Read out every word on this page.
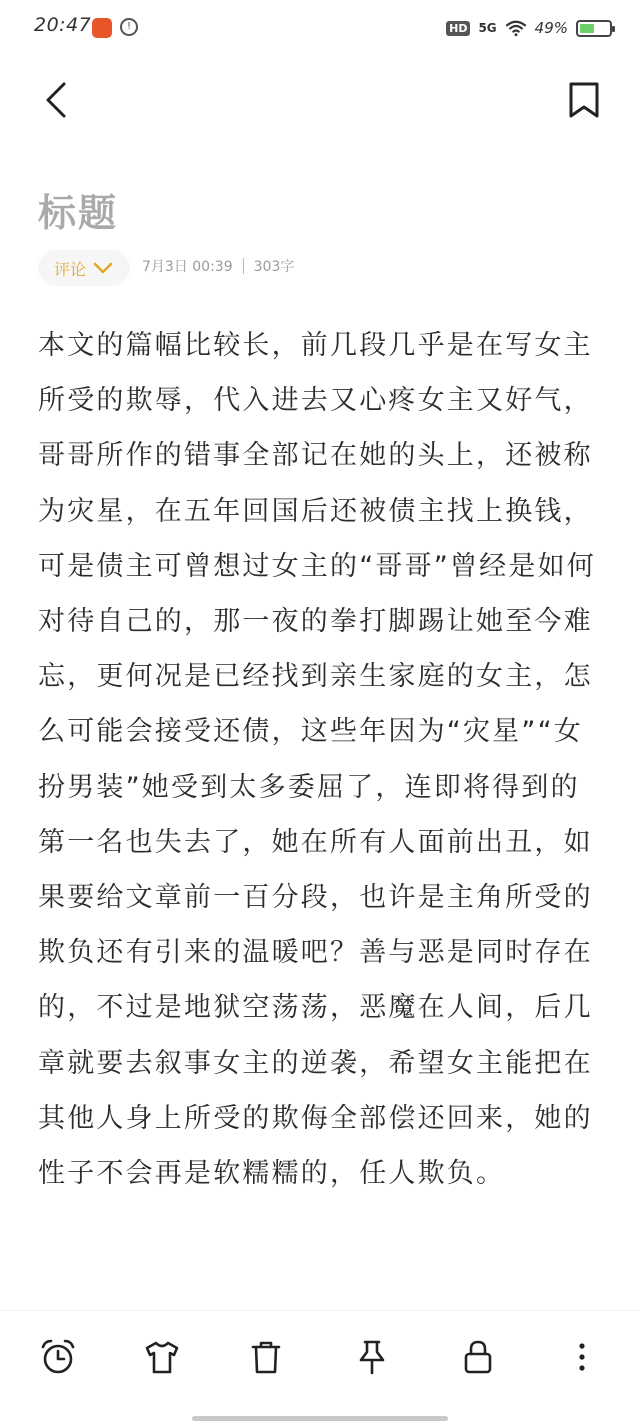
20:47	!	HD 5G	49%
标题
评论	7月3日 00:39 303字
本文的篇幅比较长，前几段几乎是在写女主所受的欺辱，代入进去又心疼女主又好气，哥哥所作的错事全部记在她的头上，还被称为灾星，在五年回国后还被债主找上换钱，可是债主可曾想过女主的“哥哥”曾经是如何对待自己的，那一夜的拳打脚踢让她至今难忘，更何况是已经找到亲生家庭的女主，怎么可能会接受还债，这些年因为“灾星”“女扮男装”她受到太多委屈了，连即将得到的第一名也失去了，她在所有人面前出丑，如果要给文章前一百分段，也许是主角所受的欺负还有引来的温暖吧？善与恶是同时存在的，不过是地狱空荡荡，恶魔在人间，后几章就要去叙事女主的逆袭，希望女主能把在其他人身上所受的欺侮全部偿还回来，她的性子不会再是软糯糯的，任人欺负。
